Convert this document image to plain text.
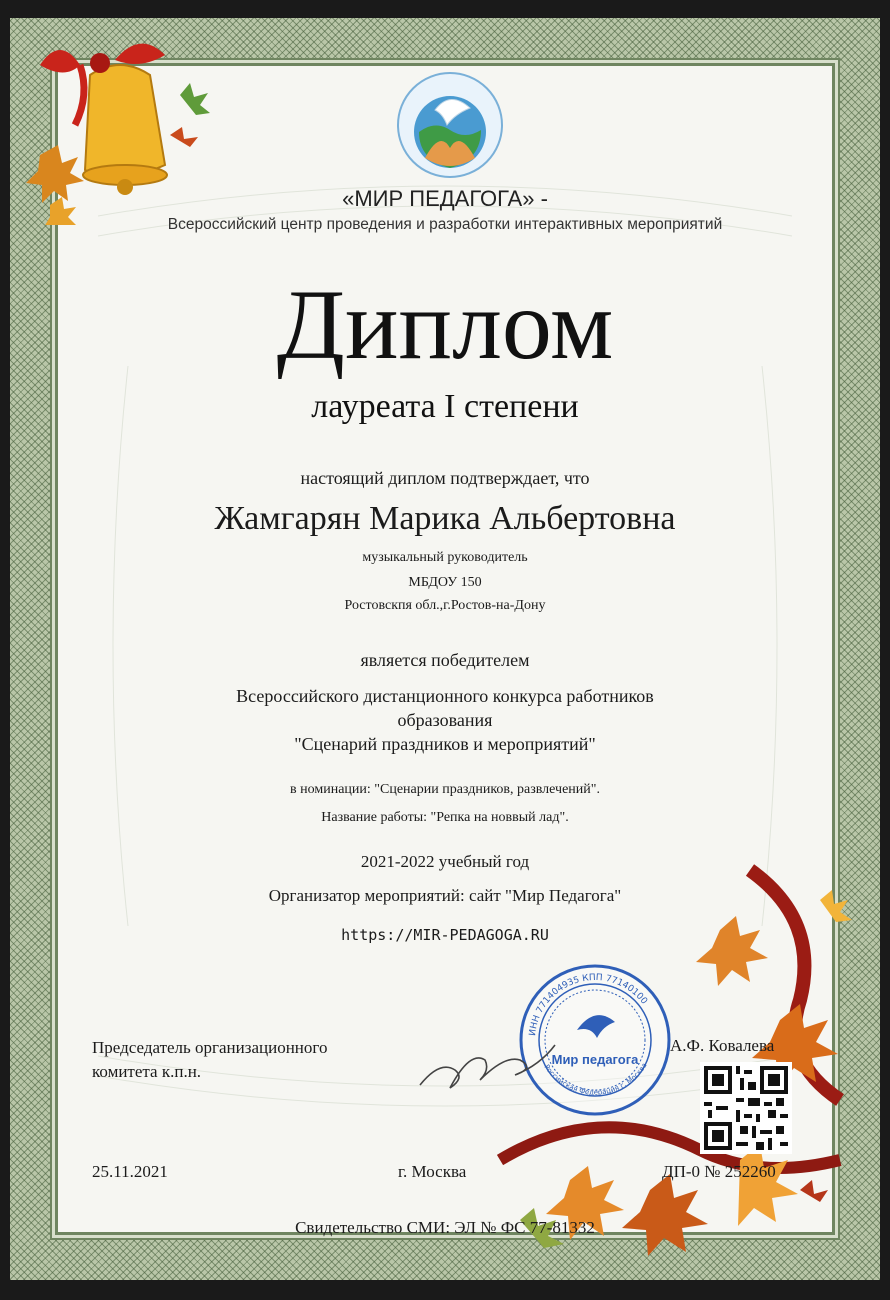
«МИР ПЕДАГОГА» -
Всероссийский центр проведения и разработки интерактивных мероприятий
Диплом
лауреата I степени
настоящий диплом подтверждает, что
Жамгарян Марика Альбертовна
музыкальный руководитель
МБДОУ 150
Ростовскпя обл.,г.Ростов-на-Дону
является победителем
Всероссийского дистанционного конкурса работников
образования
"Сценарий праздников и мероприятий"
в номинации: "Сценарии праздников, развлечений".
Название работы: "Репка на новвый лад".
2021-2022 учебный год
Организатор мероприятий: сайт "Мир Педагога"
https://MIR-PEDAGOGA.RU
ИНН 771404935 КПП 77140100
Российская Федерация г. Москва
Мир педагога
Председатель организационного
комитета к.п.н.
А.Ф. Ковалева
25.11.2021	г. Москва	ДП-0 № 252260
Свидетельство СМИ: ЭЛ № ФС 77-81332
